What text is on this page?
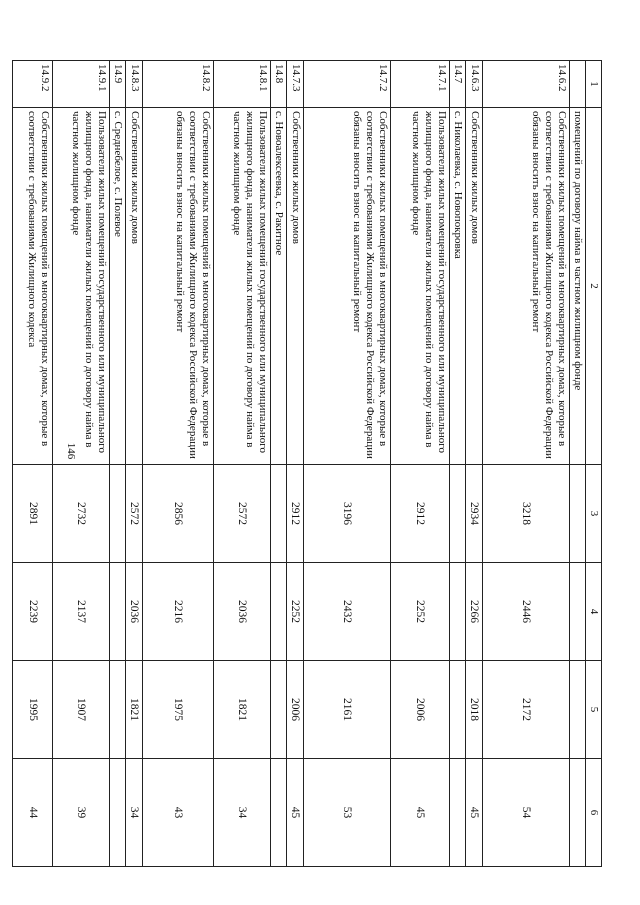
146
1	2	3	4	5	6
	помещений по договору найма в частном жилищном фонде				
14.6.2	Собственники жилых помещений в многоквартирных домах, которые в соответствии с требованиями Жилищного кодекса Российской Федерации обязаны вносить взнос на капитальный ремонт	3218	2446	2172	54
14.6.3	Собственники жилых домов	2934	2266	2018	45
14.7	с. Николаевка, с. Новопокровка				
14.7.1	Пользователи жилых помещений государственного или муниципального жилищного фонда, наниматели жилых помещений по договору найма в частном жилищном фонде	2912	2252	2006	45
14.7.2	Собственники жилых помещений в многоквартирных домах, которые в соответствии с требованиями Жилищного кодекса Российской Федерации обязаны вносить взнос на капитальный ремонт	3196	2432	2161	53
14.7.3	Собственники жилых домов	2912	2252	2006	45
14.8	с. Новоалексеевка, с. Ракитное				
14.8.1	Пользователи жилых помещений государственного или муниципального жилищного фонда, наниматели жилых помещений по договору найма в частном жилищном фонде	2572	2036	1821	34
14.8.2	Собственники жилых помещений в многоквартирных домах, которые в соответствии с требованиями Жилищного кодекса Российской Федерации обязаны вносить взнос на капитальный ремонт	2856	2216	1975	43
14.8.3	Собственники жилых домов	2572	2036	1821	34
14.9	с. Среднебелое, с. Полевое				
14.9.1	Пользователи жилых помещений государственного или муниципального жилищного фонда, наниматели жилых помещений по договору найма в частном жилищном фонде	2732	2137	1907	39
14.9.2	Собственники жилых помещений в многоквартирных домах, которые в соответствии с требованиями Жилищного кодекса	2891	2239	1995	44
